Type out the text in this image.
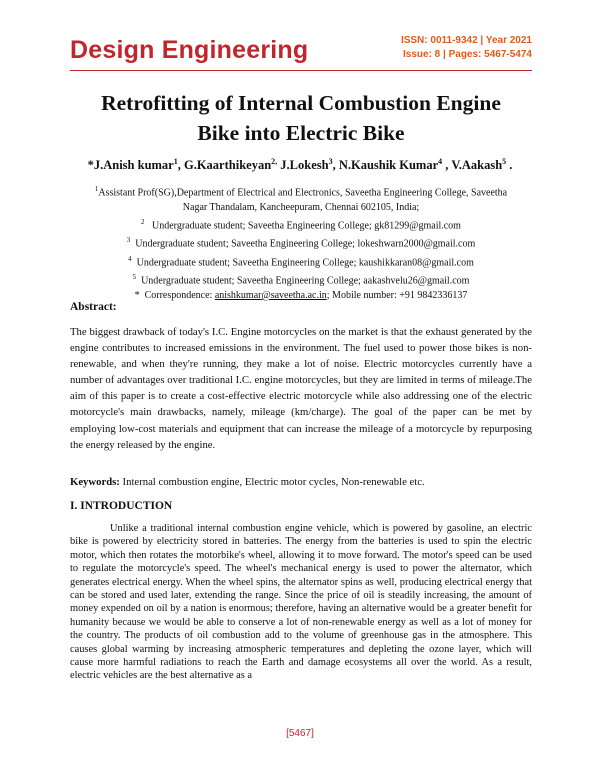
Design Engineering	ISSN: 0011-9342 | Year 2021
Issue: 8 | Pages: 5467-5474
Retrofitting of Internal Combustion Engine
Bike into Electric Bike
*J.Anish kumar$^1$, G.Kaarthikeyan$^{2,}$ J.Lokesh$^3$, N.Kaushik Kumar$^4$ , V.Aakash$^5$ .

$^1$Assistant Prof(SG),Department of Electrical and Electronics, Saveetha Engineering College, Saveetha

Nagar Thandalam, Kancheepuram, Chennai 602105, India;

$^2$ Undergraduate student; Saveetha Engineering College; gk81299@gmail.com

$^3$ Undergraduate student; Saveetha Engineering College; lokeshwarn2000@gmail.com

$^4$ Undergraduate student; Saveetha Engineering College; kaushikkaran08@gmail.com

$^5$ Undergraduate student; Saveetha Engineering College; aakashvelu26@gmail.com

* Correspondence: anishkumar@saveetha.ac.in; Mobile number: +91 9842336137

Abstract:

The biggest drawback of today's I.C. Engine motorcycles on the market is that the exhaust generated by the engine contributes to increased emissions in the environment. The fuel used to power those bikes is non-renewable, and when they're running, they make a lot of noise. Electric motorcycles currently have a number of advantages over traditional I.C. engine motorcycles, but they are limited in terms of mileage.The aim of this paper is to create a cost-effective electric motorcycle while also addressing one of the electric motorcycle's main drawbacks, namely, mileage (km/charge). The goal of the paper can be met by employing low-cost materials and equipment that can increase the mileage of a motorcycle by repurposing the energy released by the engine.

Keywords: Internal combustion engine, Electric motor cycles, Non-renewable etc.

I. INTRODUCTION

Unlike a traditional internal combustion engine vehicle, which is powered by gasoline, an electric bike is powered by electricity stored in batteries. The energy from the batteries is used to spin the electric motor, which then rotates the motorbike's wheel, allowing it to move forward. The motor's speed can be used to regulate the motorcycle's speed. The wheel's mechanical energy is used to power the alternator, which generates electrical energy. When the wheel spins, the alternator spins as well, producing electrical energy that can be stored and used later, extending the range. Since the price of oil is steadily increasing, the amount of money expended on oil by a nation is enormous; therefore, having an alternative would be a greater benefit for humanity because we would be able to conserve a lot of non-renewable energy as well as a lot of money for the country. The products of oil combustion add to the volume of greenhouse gas in the atmosphere. This causes global warming by increasing atmospheric temperatures and depleting the ozone layer, which will cause more harmful radiations to reach the Earth and damage ecosystems all over the world. As a result, electric vehicles are the best alternative as a

[5467]
